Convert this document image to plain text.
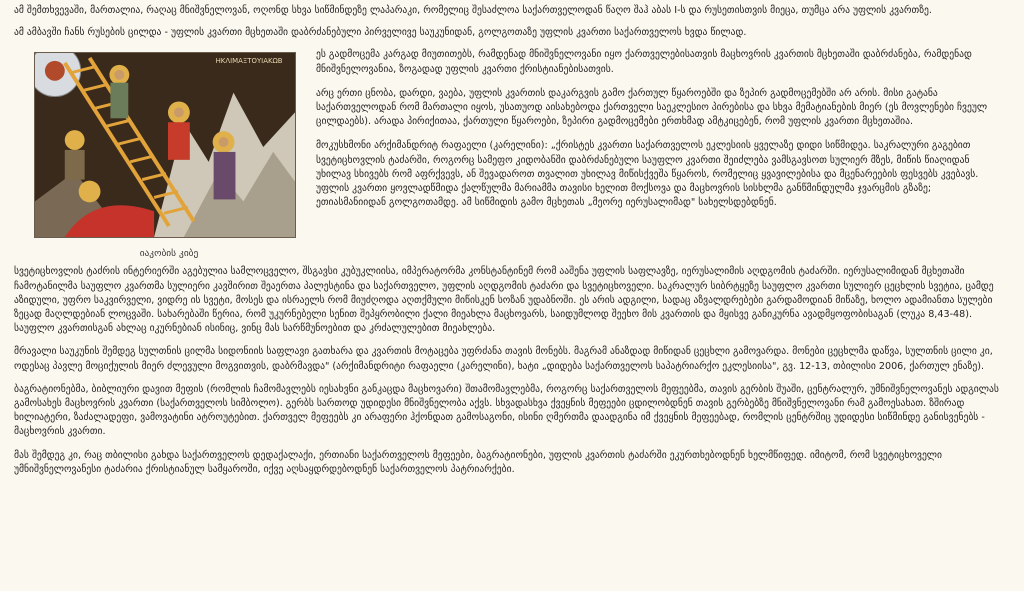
ამ შემთხვევაში, მართალია, რაღაც მნიშვნელოვან, ოღონდ სხვა სიწმინდეზე ლაპარაკი, რომელიც შესაძლოა საქართველოდან წაღო შაჰ აბას I-ს და რუსეთისთვის მიეცა, თუმცა არა უფლის კვართზე.

ამ ამბავში ჩანს რუსების ცილდა - უფლის კვართი მცხეთაში დაბრძანებული პირველივე საუკუნიდან, გოლგოთაზე უფლის კვართი საქართველოს ხვდა წილად.

ΗΚΛΙΜΑΞΤΟΥΙΑΚΩΒ
იაკობის კიბე

ეს გადმოცემა კარგად მიუთითებს, რამდენად მნიშვნელოვანი იყო ქართველებისათვის მაცხოვრის კვართის მცხეთაში დაბრძანება, რამდენად მნიშვნელოვანია, ზოგადად უფლის კვართი ქრისტიანებისათვის.

არც ერთი ცნობა, დარდი, ვაება, უფლის კვართის დაკარგვის გამო ქართულ წყაროებში და ზეპირ გადმოცემებში არ არის. მისი გატანა საქართველოდან რომ მართალი იყოს, უსათუოდ აისახებოდა ქართველი საეკლესიო პირებისა და სხვა მემატიანების მიერ (ეს მოვლენები ჩვეულ ცილდაებს). არადა პირიქითაა, ქართული წყაროები, ზეპირი გადმოცემები ერთხმად ამტკიცებენ, რომ უფლის კვართი მცხეთაშია.

მოკუსხმონი არქიმანდრიტ რაფაელი (კარელინი): „ქრისტეს კვართი საქართველოს ეკლესიის ყველაზე დიდი სიწმიდეა. საკრალური გაგებით სვეტიცხოვლის ტაძარში, როგორც სამეფო კიდობანში დაბრძანებული საუფლო კვართი შეიძლება ვამსგავსოთ სულიერ მზეს, მიწის წიაღიდან უხილავ სხივებს რომ აფრქვევს, ან შევადაროთ თვალით უხილავ მიწისქვეშა წყაროს, რომელიც ყვავილებისა და მცენარეების ფესვებს კვებავს. უფლის კვართი ყოვლადწმიდა ქალწულმა მარიამმა თავისი ხელით მოქსოვა და მაცხოვრის სისხლმა განწმინდულმა ჯვარცმის გზაზე; ეთიასმანიიდან გოლგოთამდე. ამ სიწმიდის გამო მცხეთას „მეორე იერუსალიმად" სახელსდებდნენ.

სვეტიცხოვლის ტაძრის ინტერიერში აგებულია სამლოცველო, შსგავსი კუბუკლიისა, იმპერატორმა კონსტანტინემ რომ ააშენა უფლის საფლავზე, იერუსალიმის აღდგომის ტაძარში. იერუსალიმიდან მცხეთაში ჩამოტანილმა საუფლო კვართმა სულიერი კავშირით შეაერთა პალესტინა და საქართველო, უფლის აღდგომის ტაძარი და სვეტიცხოველი. საკრალურ სიბრტყეზე საუფლო კვართი სულიერ ცეცხლის სვეტია, ცამდე აზიდული, უფრო საკვირველი, ვიდრე ის სვეტი, მოსეს და ისრაელს რომ მიუძღოდა აღთქმული მიწისკენ სოზან უდაბნოში. ეს არის ადგილი, სადაც აზვალდრებები გარდამოდიან მიწაზე, ხოლო ადამიანთა სულები ზეცად მაღლდებიან ლოცვაში. სახარებაში წერია, რომ უკურნებელი სენით შეპყრობილი ქალი მიეახლა მაცხოვარს, საიდუმლოდ შეეხო მის კვართის და მყისვე განიკურნა ავადმყოფობისაგან (ლუკა 8,43-48). საუფლო კვართისგან ახლაც იკურნებიან ისინიც, ვინც მას სარწმუნოებით და კრძალულებით მიეახლება.

მრავალი საუკუნის შემდეგ სულთნის ცილმა სიდონიის საფლავი გათხარა და კვართის მოტაცება უფრძანა თავის მონებს. მაგრამ ანაზდად მიწიდან ცეცხლი გამოვარდა. მონები ცეცხლმა დაწვა, სულთნის ცილი კი, ოდესაც პავლე მოციქულის მიერ ძლევული მოგვითვის, დაბრმავდა" (არქიმანდრიტი რაფაელი (კარელინი), ხატი „დიდება საქართველოს საპატრიარქო ეკლესიისა", გვ. 12-13, თბილისი 2006, ქართულ ენაზე).

ბაგრატიონებმა, ბიბლიური დავით მეფის (რომლის ჩამომავლებს იესახვნი განკაცდა მაცხოვარი) შთამომავლებმა, როგორც საქართველოს მეფეებმა, თავის გერბის შუაში, ცენტრალურ, უმნიშვნელოვანეს ადგილას გამოსახეს მაცხოვრის კვართი (საქართველოს სიმბოლო). გერბს სართოდ უდიდესი მნიშვნელობა აქვს. სხვადასხვა ქვეყნის მეფეები ცდილობდნენ თავის გერბებზე მნიშვნელოვანი რამ გამოესახათ. ზშირად ხილიატერი, ზაძალადეფი, ვამოვატინი ატროუტებით. ქართველ მეფეებს კი არაფერი ჰქონდათ გამოსაგონი, ისინი ღმერთმა დაადგინა იმ ქვეყნის მეფეებად, რომლის ცენტრშიც უდიდესი სიწმინდე განისვენებს - მაცხოვრის კვართი.

მას შემდეგ კი, რაც თბილისი გახდა საქართველოს დედაქალაქი, ერთიანი საქართველოს მეფეები, ბაგრატიონები, უფლის კვართის ტაძარში ეკურთხებოდნენ ხელმწიფედ. იმიტომ, რომ სვეტიცხოველი უმნიშვნელოვანესი ტაძარია ქრისტიანულ სამყაროში, იქვე აღსაყდრდებოდნენ საქართველოს პატრიარქები.
